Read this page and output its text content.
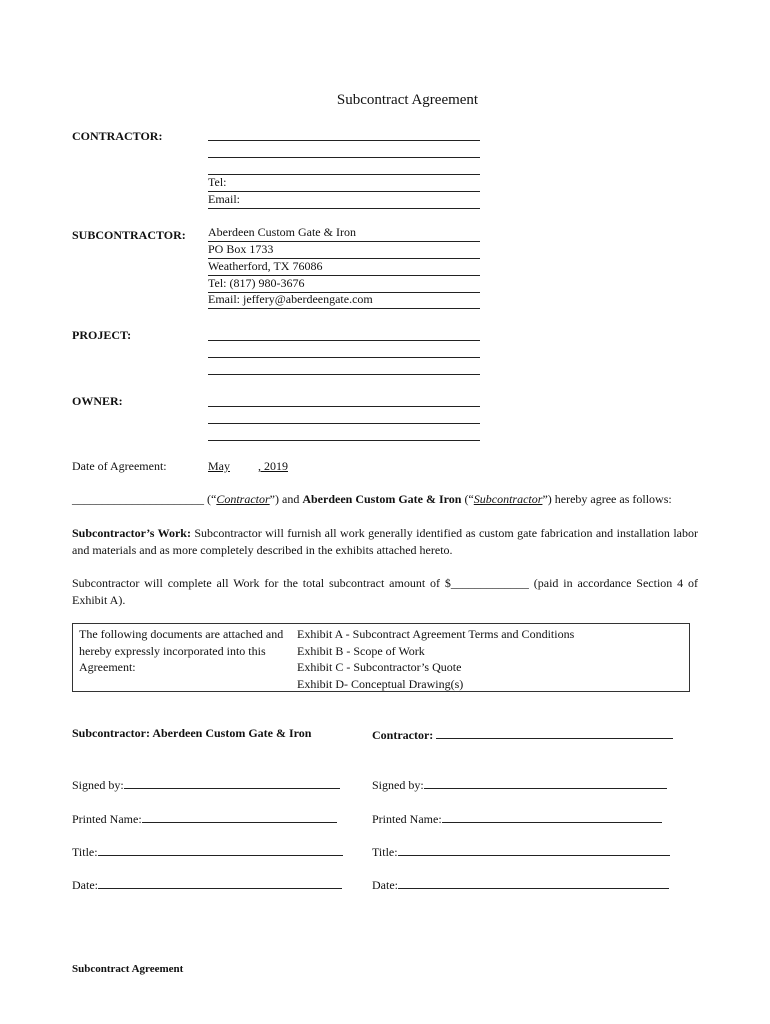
Subcontract Agreement
CONTRACTOR:
Tel:
Email:
SUBCONTRACTOR: Aberdeen Custom Gate & Iron
PO Box 1733
Weatherford, TX 76086
Tel: (817) 980-3676
Email: jeffery@aberdeengate.com
PROJECT:
OWNER:
Date of Agreement:	May , 2019
______________________ (“Contractor”) and Aberdeen Custom Gate & Iron (“Subcontractor”) hereby agree as follows:
Subcontractor’s Work: Subcontractor will furnish all work generally identified as custom gate fabrication and installation labor and materials and as more completely described in the exhibits attached hereto.
Subcontractor will complete all Work for the total subcontract amount of $_____________ (paid in accordance Section 4 of Exhibit A).
The following documents are attached and hereby expressly incorporated into this Agreement:
Exhibit A - Subcontract Agreement Terms and Conditions
Exhibit B - Scope of Work
Exhibit C - Subcontractor’s Quote
Exhibit D- Conceptual Drawing(s)
Subcontractor: Aberdeen Custom Gate & Iron	Contractor:
Signed by:	Signed by:
Printed Name:	Printed Name:
Title:	Title:
Date:	Date:
Subcontract Agreement
